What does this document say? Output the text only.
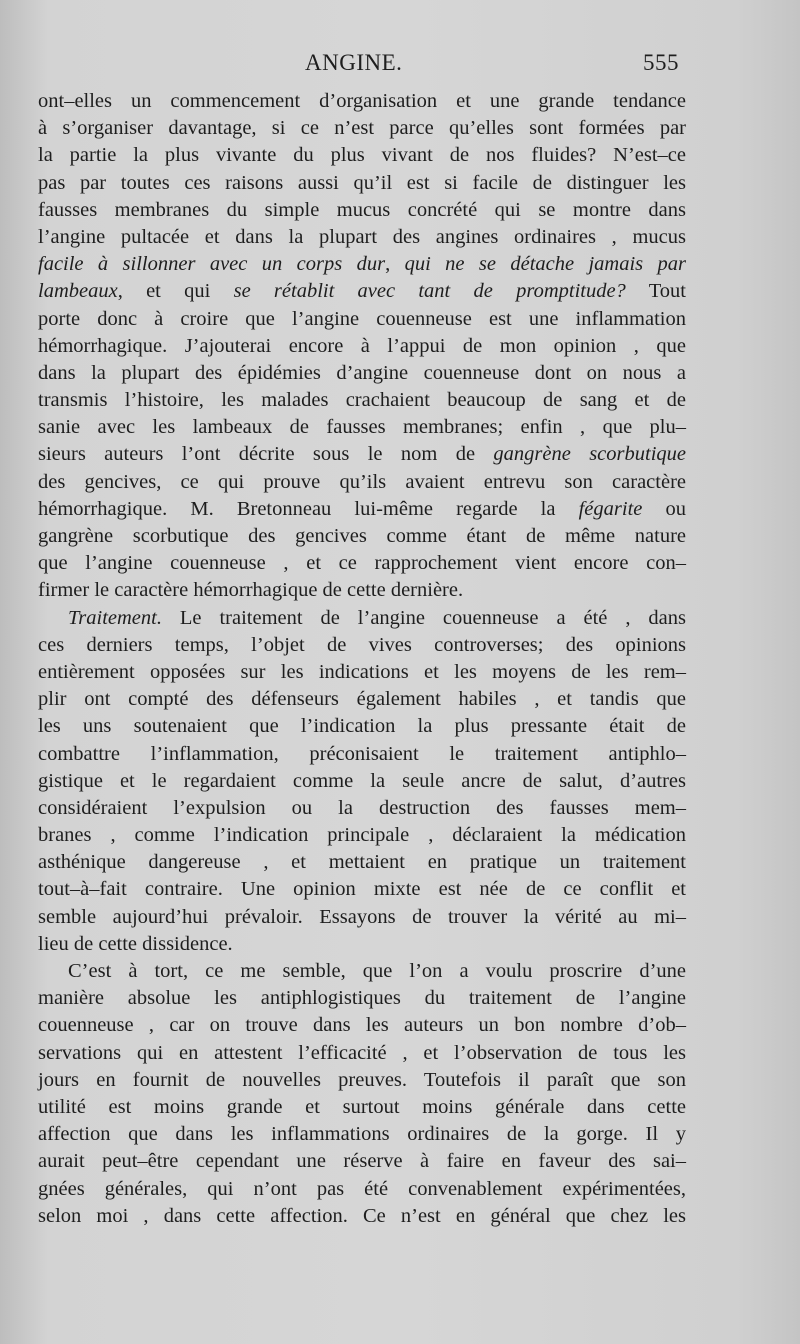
ANGINE.	555
ont–elles un commencement d’organisation et une grande tendance
à s’organiser davantage, si ce n’est parce qu’elles sont formées par
la partie la plus vivante du plus vivant de nos fluides? N’est–ce
pas par toutes ces raisons aussi qu’il est si facile de distinguer les
fausses membranes du simple mucus concrété qui se montre dans
l’angine pultacée et dans la plupart des angines ordinaires , mucus
facile à sillonner avec un corps dur, qui ne se détache jamais par
lambeaux, et qui se rétablit avec tant de promptitude? Tout
porte donc à croire que l’angine couenneuse est une inflammation
hémorrhagique. J’ajouterai encore à l’appui de mon opinion , que
dans la plupart des épidémies d’angine couenneuse dont on nous a
transmis l’histoire, les malades crachaient beaucoup de sang et de
sanie avec les lambeaux de fausses membranes; enfin , que plu–
sieurs auteurs l’ont décrite sous le nom de gangrène scorbutique
des gencives, ce qui prouve qu’ils avaient entrevu son caractère
hémorrhagique. M. Bretonneau lui-même regarde la fégarite ou
gangrène scorbutique des gencives comme étant de même nature
que l’angine couenneuse , et ce rapprochement vient encore con–
firmer le caractère hémorrhagique de cette dernière.
Traitement. Le traitement de l’angine couenneuse a été , dans
ces derniers temps, l’objet de vives controverses; des opinions
entièrement opposées sur les indications et les moyens de les rem–
plir ont compté des défenseurs également habiles , et tandis que
les uns soutenaient que l’indication la plus pressante était de
combattre l’inflammation, préconisaient le traitement antiphlo–
gistique et le regardaient comme la seule ancre de salut, d’autres
considéraient l’expulsion ou la destruction des fausses mem–
branes , comme l’indication principale , déclaraient la médication
asthénique dangereuse , et mettaient en pratique un traitement
tout–à–fait contraire. Une opinion mixte est née de ce conflit et
semble aujourd’hui prévaloir. Essayons de trouver la vérité au mi–
lieu de cette dissidence.
C’est à tort, ce me semble, que l’on a voulu proscrire d’une
manière absolue les antiphlogistiques du traitement de l’angine
couenneuse , car on trouve dans les auteurs un bon nombre d’ob–
servations qui en attestent l’efficacité , et l’observation de tous les
jours en fournit de nouvelles preuves. Toutefois il paraît que son
utilité est moins grande et surtout moins générale dans cette
affection que dans les inflammations ordinaires de la gorge. Il y
aurait peut–être cependant une réserve à faire en faveur des sai–
gnées générales, qui n’ont pas été convenablement expérimentées,
selon moi , dans cette affection. Ce n’est en général que chez les
